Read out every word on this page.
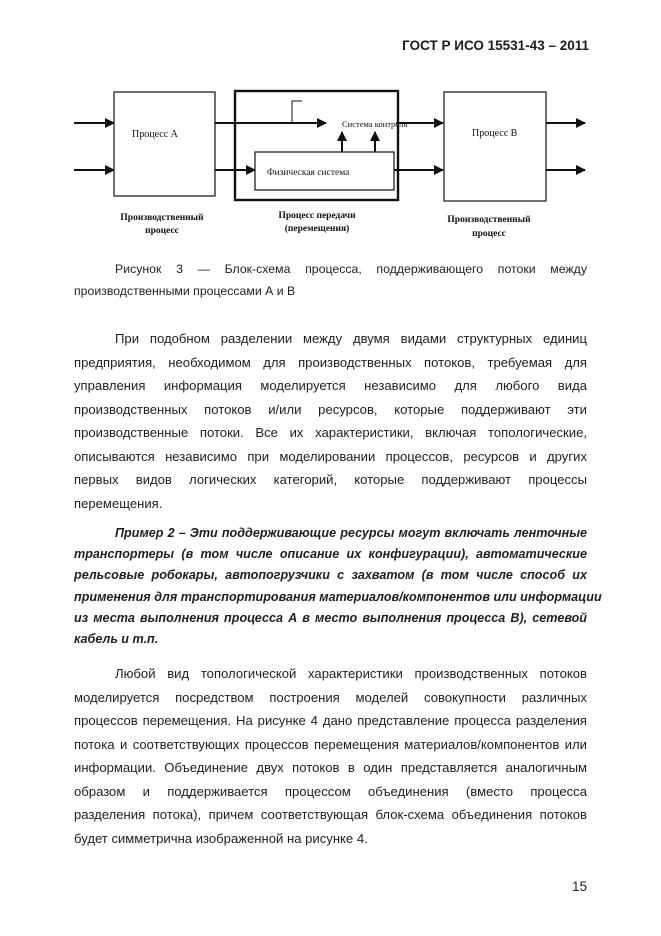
ГОСТ Р ИСО 15531-43 – 2011
Процесс А
Система контроля
Физическая система
Процесс В
Производственный
процесс
Процесс передачи
(перемещения)
Производственный
процесс
Рисунок 3 — Блок-схема процесса, поддерживающего потоки между
производственными процессами А и В
При подобном разделении между двумя видами структурных единиц
предприятия, необходимом для производственных потоков, требуемая для
управления информация моделируется независимо для любого вида
производственных потоков и/или ресурсов, которые поддерживают эти
производственные потоки. Все их характеристики, включая топологические,
описываются независимо при моделировании процессов, ресурсов и других
первых видов логических категорий, которые поддерживают процессы
перемещения.
Пример 2 – Эти поддерживающие ресурсы могут включать ленточные
транспортеры (в том числе описание их конфигурации), автоматические
рельсовые робокары, автопогрузчики с захватом (в том числе способ их
применения для транспортирования материалов/компонентов или информации
из места выполнения процесса А в место выполнения процесса В), сетевой
кабель и т.п.
Любой вид топологической характеристики производственных потоков
моделируется посредством построения моделей совокупности различных
процессов перемещения. На рисунке 4 дано представление процесса разделения
потока и соответствующих процессов перемещения материалов/компонентов или
информации. Объединение двух потоков в один представляется аналогичным
образом и поддерживается процессом объединения (вместо процесса
разделения потока), причем соответствующая блок-схема объединения потоков
будет симметрична изображенной на рисунке 4.
15
